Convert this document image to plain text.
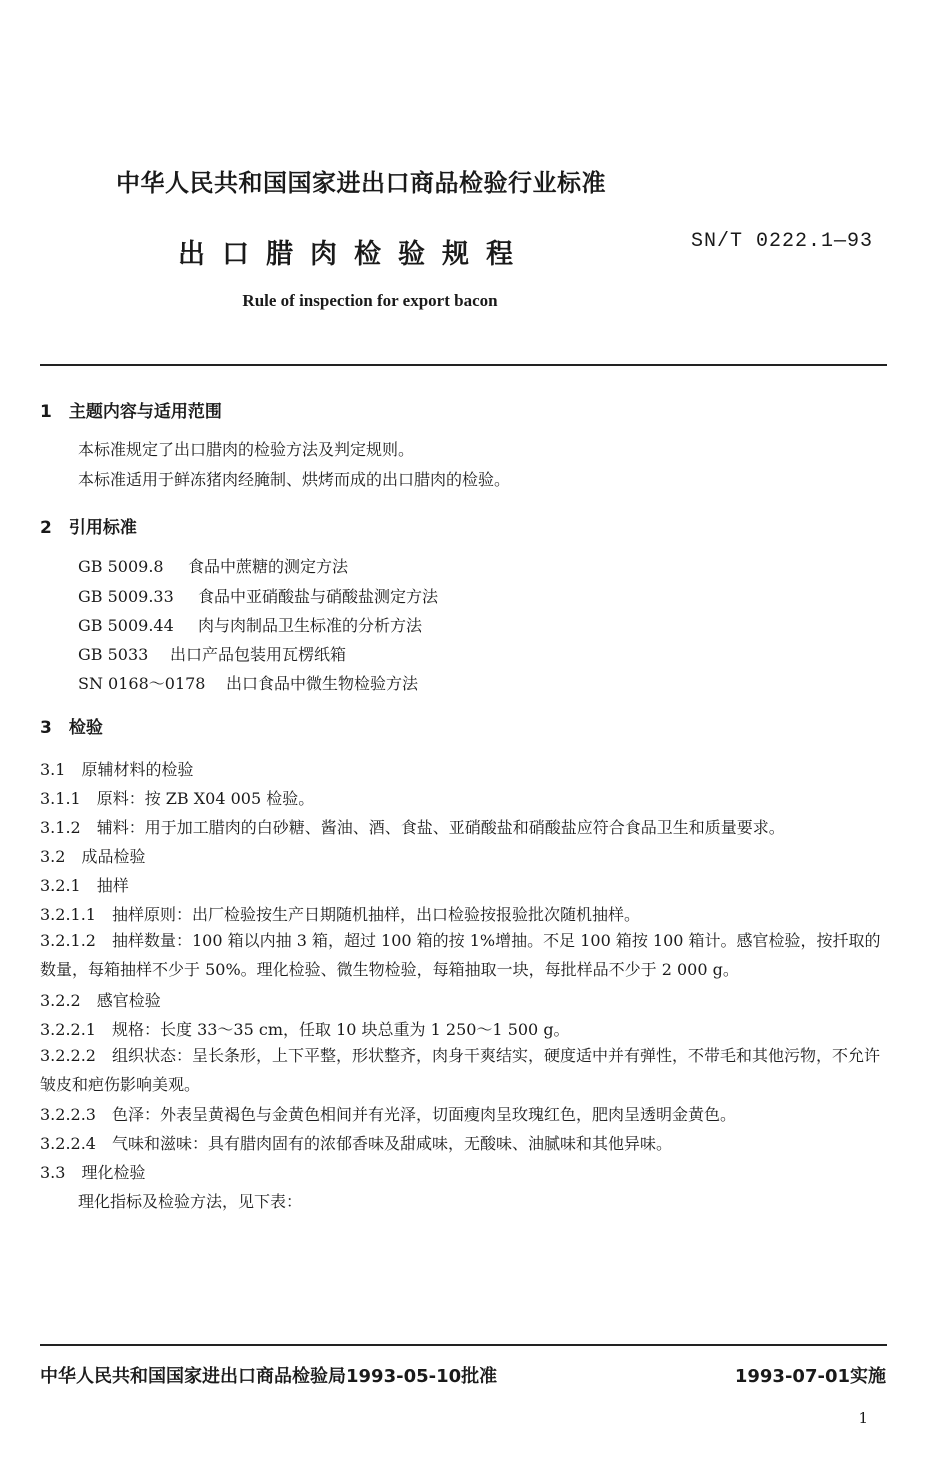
中华人民共和国国家进出口商品检验行业标准
出口腊肉检验规程	SN/T 0222.1—93
Rule of inspection for export bacon
1　主题内容与适用范围
本标准规定了出口腊肉的检验方法及判定规则。
本标准适用于鲜冻猪肉经腌制、烘烤而成的出口腊肉的检验。
2　引用标准
GB 5009.8 食品中蔗糖的测定方法
GB 5009.33 食品中亚硝酸盐与硝酸盐测定方法
GB 5009.44 肉与肉制品卫生标准的分析方法
GB 5033 出口产品包装用瓦楞纸箱
SN 0168～0178 出口食品中微生物检验方法
3　检验
3.1　原辅材料的检验
3.1.1　原料：按 ZB X04 005 检验。
3.1.2　辅料：用于加工腊肉的白砂糖、酱油、酒、食盐、亚硝酸盐和硝酸盐应符合食品卫生和质量要求。
3.2　成品检验
3.2.1　抽样
3.2.1.1　抽样原则：出厂检验按生产日期随机抽样，出口检验按报验批次随机抽样。
3.2.1.2　抽样数量：100 箱以内抽 3 箱，超过 100 箱的按 1%增抽。不足 100 箱按 100 箱计。感官检验，按扦取的数量，每箱抽样不少于 50%。理化检验、微生物检验，每箱抽取一块，每批样品不少于 2 000 g。
3.2.2　感官检验
3.2.2.1　规格：长度 33～35 cm，任取 10 块总重为 1 250～1 500 g。
3.2.2.2　组织状态：呈长条形，上下平整，形状整齐，肉身干爽结实，硬度适中并有弹性，不带毛和其他污物，不允许皱皮和疤伤影响美观。
3.2.2.3　色泽：外表呈黄褐色与金黄色相间并有光泽，切面瘦肉呈玫瑰红色，肥肉呈透明金黄色。
3.2.2.4　气味和滋味：具有腊肉固有的浓郁香味及甜咸味，无酸味、油腻味和其他异味。
3.3　理化检验
理化指标及检验方法，见下表：
中华人民共和国国家进出口商品检验局1993-05-10批准	1993-07-01实施
1
